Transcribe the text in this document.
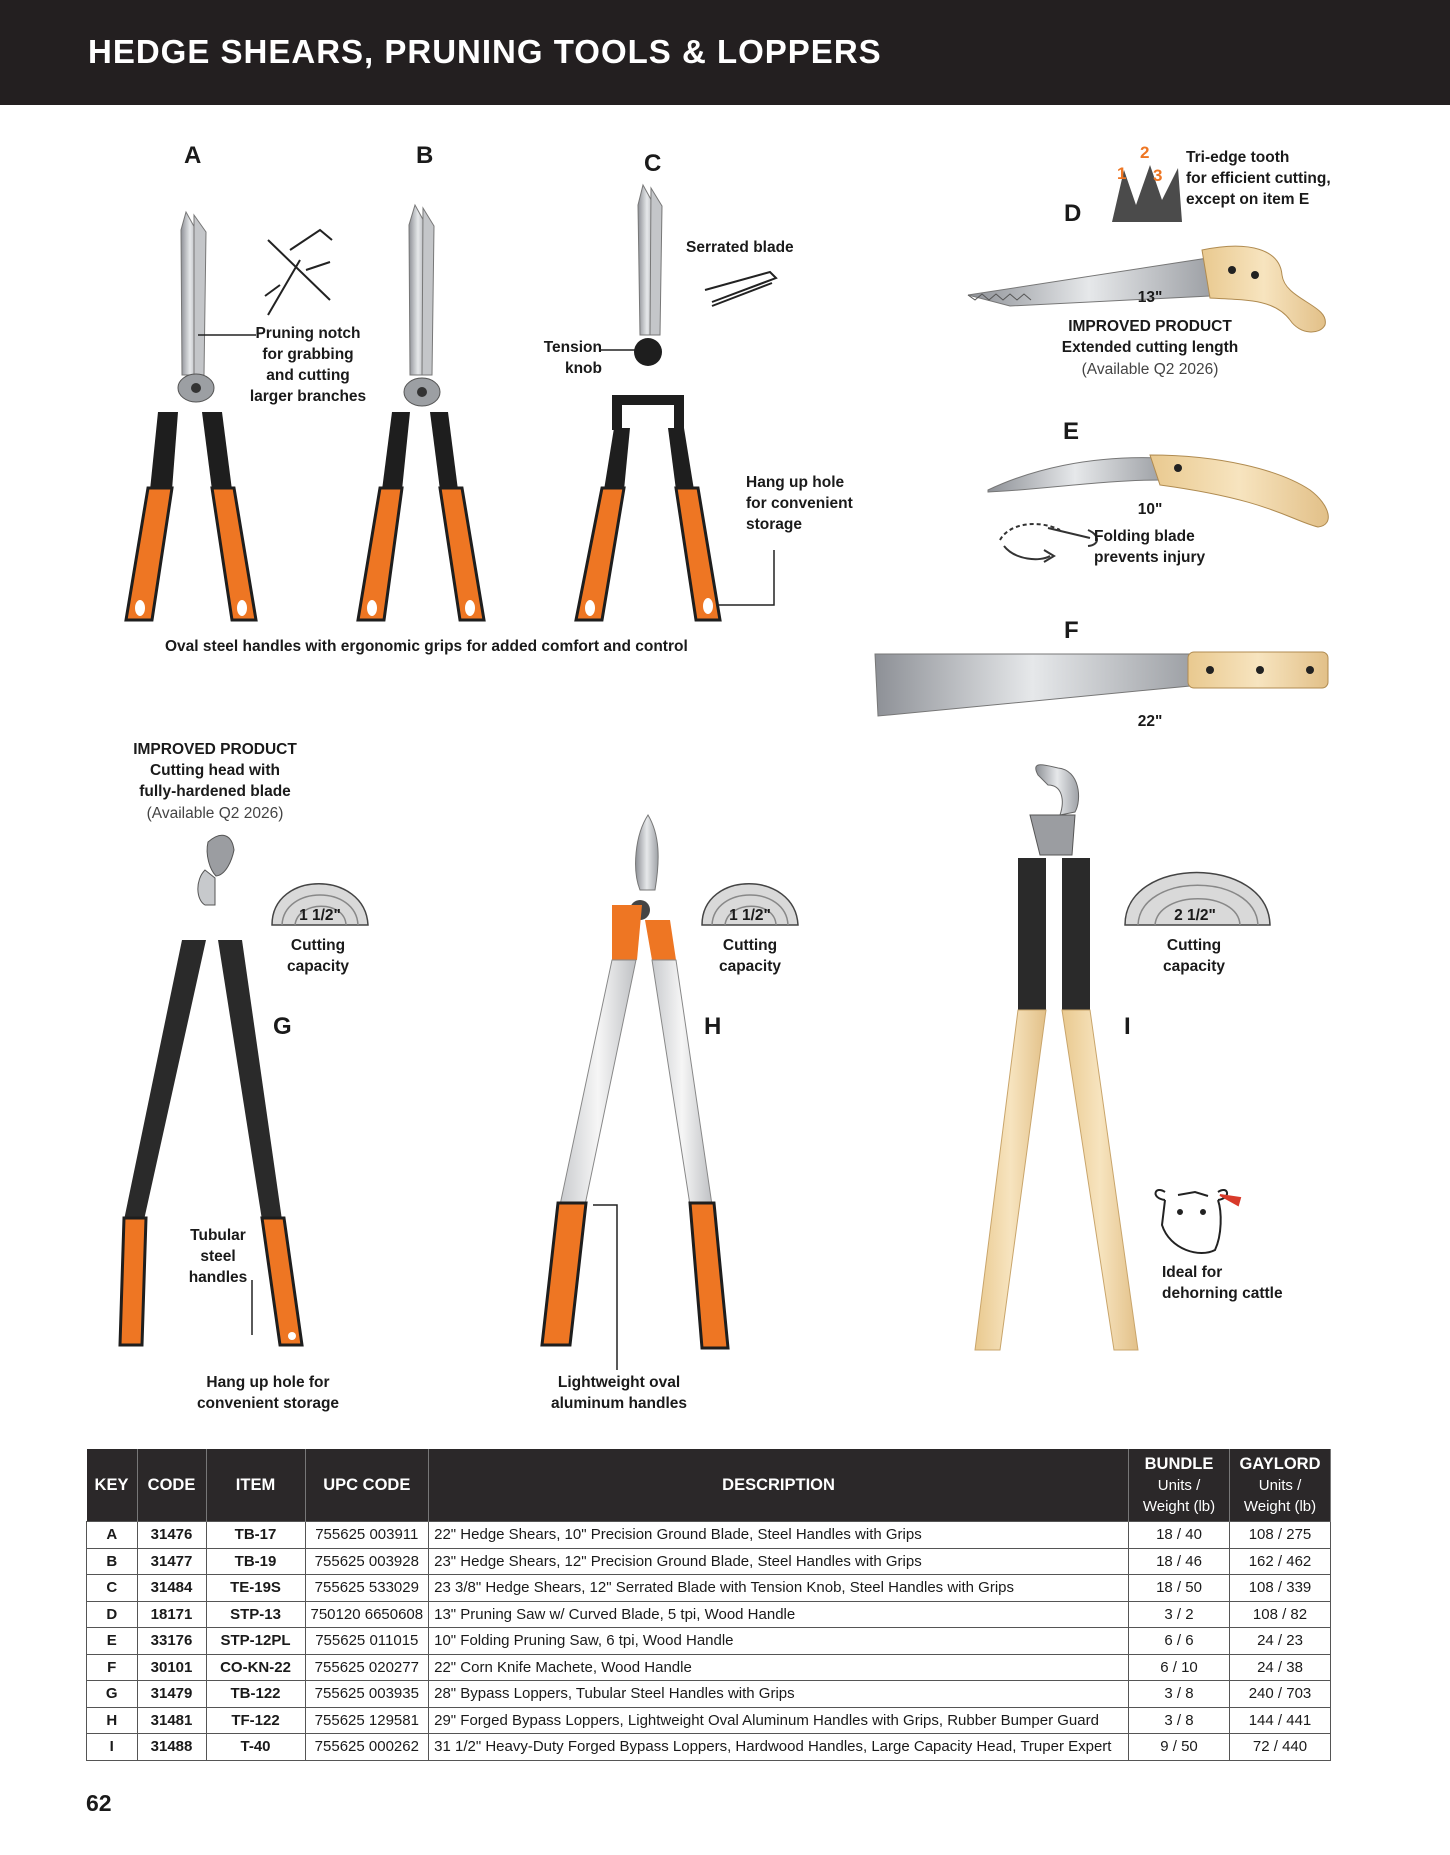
HEDGE SHEARS, PRUNING TOOLS & LOPPERS
A	B	C
D
E
F
G	H	I
Pruning notch
for grabbing
and cutting
larger branches
Serrated blade
Tension
knob
Hang up hole
for convenient
storage
Oval steel handles with ergonomic grips for added comfort and control
1
2
3
Tri-edge tooth
for efficient cutting,
except on item E
13"
IMPROVED PRODUCT
Extended cutting length
(Available Q2 2026)
10"
Folding blade
prevents injury
22"
IMPROVED PRODUCT
Cutting head with
fully-hardened blade
(Available Q2 2026)
1 1/2"
Cutting
capacity
1 1/2"
Cutting
capacity
2 1/2"
Cutting
capacity
Tubular
steel
handles
Hang up hole for
convenient storage
Lightweight oval
aluminum handles
Ideal for
dehorning cattle
KEY	CODE	ITEM	UPC CODE	DESCRIPTION	BUNDLE
Units /
Weight (lb)	GAYLORD
Units /
Weight (lb)

A	31476	TB-17	755625 003911	22" Hedge Shears, 10" Precision Ground Blade, Steel Handles with Grips	18 / 40	108 / 275
B	31477	TB-19	755625 003928	23" Hedge Shears, 12" Precision Ground Blade, Steel Handles with Grips	18 / 46	162 / 462
C	31484	TE-19S	755625 533029	23 3/8" Hedge Shears, 12" Serrated Blade with Tension Knob, Steel Handles with Grips	18 / 50	108 / 339
D	18171	STP-13	750120 6650608	13" Pruning Saw w/ Curved Blade, 5 tpi, Wood Handle	3 / 2	108 / 82
E	33176	STP-12PL	755625 011015	10" Folding Pruning Saw, 6 tpi, Wood Handle	6 / 6	24 / 23
F	30101	CO-KN-22	755625 020277	22" Corn Knife Machete, Wood Handle	6 / 10	24 / 38
G	31479	TB-122	755625 003935	28" Bypass Loppers, Tubular Steel Handles with Grips	3 / 8	240 / 703
H	31481	TF-122	755625 129581	29" Forged Bypass Loppers, Lightweight Oval Aluminum Handles with Grips, Rubber Bumper Guard	3 / 8	144 / 441
I	31488	T-40	755625 000262	31 1/2" Heavy-Duty Forged Bypass Loppers, Hardwood Handles, Large Capacity Head, Truper Expert	9 / 50	72 / 440
62
